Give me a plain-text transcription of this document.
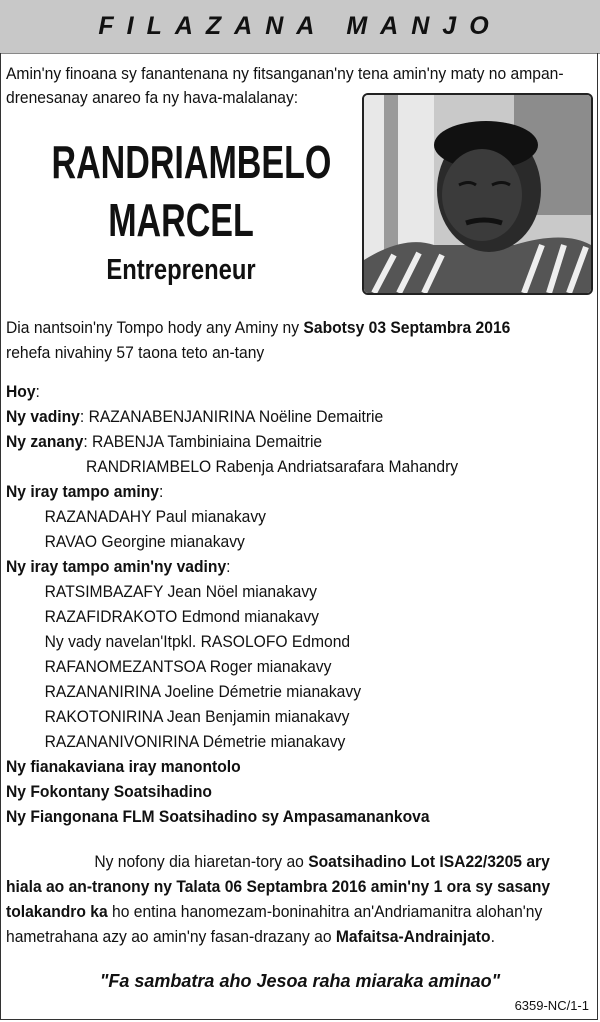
FILAZANA MANJO
Amin'ny finoana sy fanantenana ny fitsanganan'ny tena amin'ny maty no ampan-
drenesanay anareo fa ny hava-malalanay:
RANDRIAMBELO
MARCEL
Entrepreneur
Dia nantsoin'ny Tompo hody any Aminy ny Sabotsy 03 Septambra 2016
rehefa nivahiny 57 taona teto an-tany
Hoy:
Ny vadiny: RAZANABENJANIRINA Noëline Demaitrie
Ny zanany: RABENJA Tambiniaina Demaitrie
RANDRIAMBELO Rabenja Andriatsarafara Mahandry
Ny iray tampo aminy:
RAZANADAHY Paul mianakavy
RAVAO Georgine mianakavy
Ny iray tampo amin'ny vadiny:
RATSIMBAZAFY Jean Nöel mianakavy
RAZAFIDRAKOTO Edmond mianakavy
Ny vady navelan'Itpkl. RASOLOFO Edmond
RAFANOMEZANTSOA Roger mianakavy
RAZANANIRINA Joeline Démetrie mianakavy
RAKOTONIRINA Jean Benjamin mianakavy
RAZANANIVONIRINA Démetrie mianakavy
Ny fianakaviana iray manontolo
Ny Fokontany Soatsihadino
Ny Fiangonana FLM Soatsihadino sy Ampasamanankova
Ny nofony dia hiaretan-tory ao Soatsihadino Lot ISA22/3205 ary
hiala ao an-tranony ny Talata 06 Septambra 2016 amin'ny 1 ora sy sasany
tolakandro ka ho entina hanomezam-boninahitra an'Andriamanitra alohan'ny
hametrahana azy ao amin'ny fasan-drazany ao Mafaitsa-Andrainjato.
"Fa sambatra aho Jesoa raha miaraka aminao"
6359-NC/1-1
